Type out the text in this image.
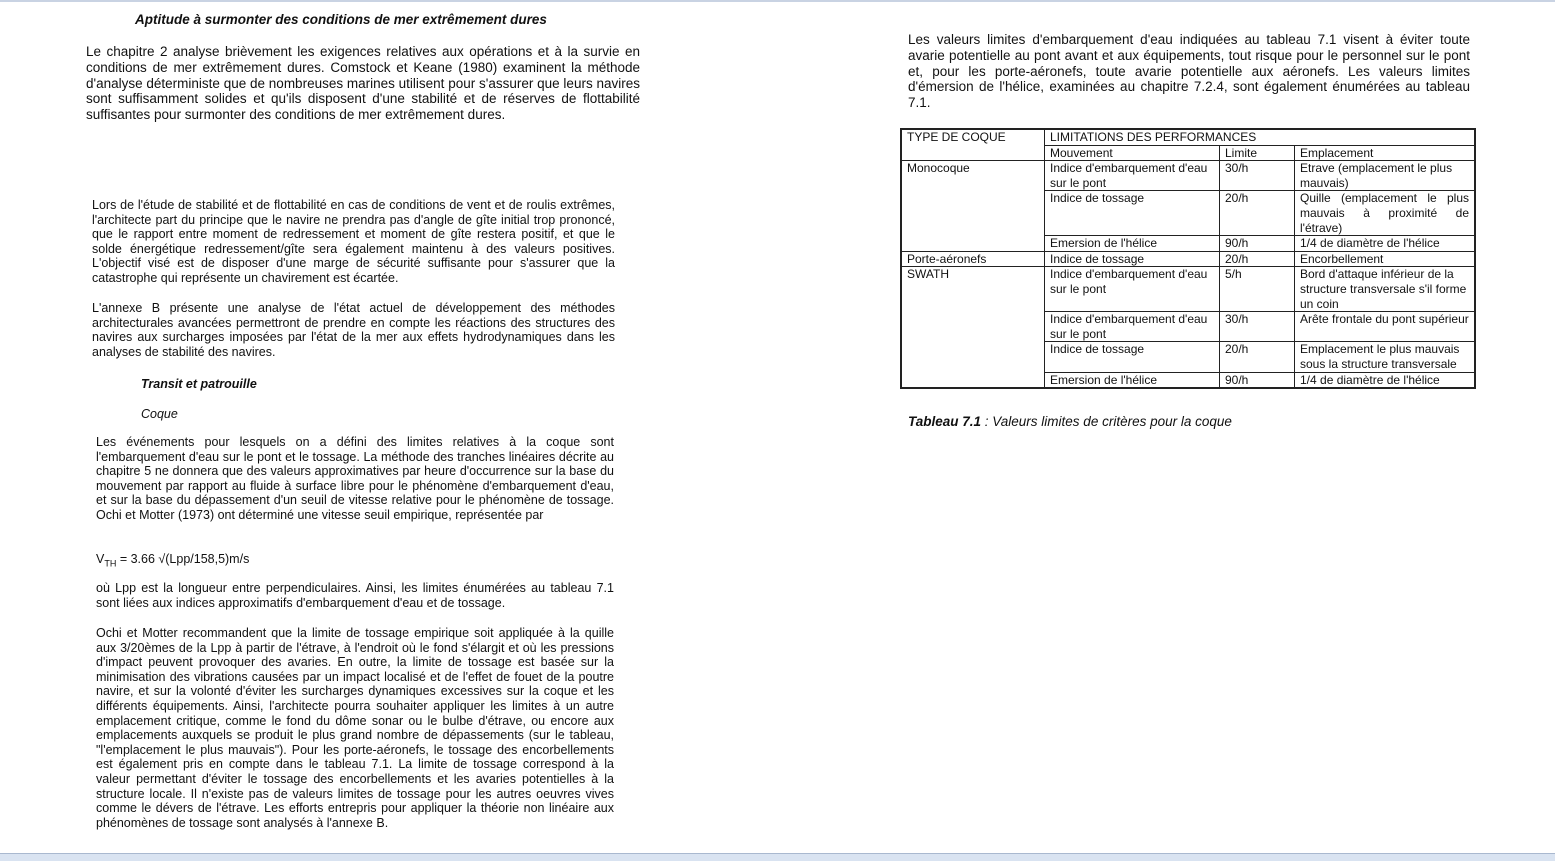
Aptitude à surmonter des conditions de mer extrêmement dures

Le chapitre 2 analyse brièvement les exigences relatives aux opérations et à la survie en conditions de mer extrêmement dures. Comstock et Keane (1980) examinent la méthode d'analyse déterministe que de nombreuses marines utilisent pour s'assurer que leurs navires sont suffisamment solides et qu'ils disposent d'une stabilité et de réserves de flottabilité suffisantes pour surmonter des conditions de mer extrêmement dures.

Lors de l'étude de stabilité et de flottabilité en cas de conditions de vent et de roulis extrêmes, l'architecte part du principe que le navire ne prendra pas d'angle de gîte initial trop prononcé, que le rapport entre moment de redressement et moment de gîte restera positif, et que le solde énergétique redressement/gîte sera également maintenu à des valeurs positives. L'objectif visé est de disposer d'une marge de sécurité suffisante pour s'assurer que la catastrophe qui représente un chavirement est écartée.

L'annexe B présente une analyse de l'état actuel de développement des méthodes architecturales avancées permettront de prendre en compte les réactions des structures des navires aux surcharges imposées par l'état de la mer aux effets hydrodynamiques dans les analyses de stabilité des navires.

Transit et patrouille
Coque

Les événements pour lesquels on a défini des limites relatives à la coque sont l'embarquement d'eau sur le pont et le tossage. La méthode des tranches linéaires décrite au chapitre 5 ne donnera que des valeurs approximatives par heure d'occurrence sur la base du mouvement par rapport au fluide à surface libre pour le phénomène d'embarquement d'eau, et sur la base du dépassement d'un seuil de vitesse relative pour le phénomène de tossage. Ochi et Motter (1973) ont déterminé une vitesse seuil empirique, représentée par

$V_{TH} = 3.66$ √(Lpp/158,5)m/s

où Lpp est la longueur entre perpendiculaires. Ainsi, les limites énumérées au tableau 7.1 sont liées aux indices approximatifs d'embarquement d'eau et de tossage.

Ochi et Motter recommandent que la limite de tossage empirique soit appliquée à la quille aux 3/20èmes de la Lpp à partir de l'étrave, à l'endroit où le fond s'élargit et où les pressions d'impact peuvent provoquer des avaries. En outre, la limite de tossage est basée sur la minimisation des vibrations causées par un impact localisé et de l'effet de fouet de la poutre navire, et sur la volonté d'éviter les surcharges dynamiques excessives sur la coque et les différents équipements. Ainsi, l'architecte pourra souhaiter appliquer les limites à un autre emplacement critique, comme le fond du dôme sonar ou le bulbe d'étrave, ou encore aux emplacements auxquels se produit le plus grand nombre de dépassements (sur le tableau, "l'emplacement le plus mauvais"). Pour les porte-aéronefs, le tossage des encorbellements est également pris en compte dans le tableau 7.1. La limite de tossage correspond à la valeur permettant d'éviter le tossage des encorbellements et les avaries potentielles à la structure locale. Il n'existe pas de valeurs limites de tossage pour les autres oeuvres vives comme le dévers de l'étrave. Les efforts entrepris pour appliquer la théorie non linéaire aux phénomènes de tossage sont analysés à l'annexe B.

Les valeurs limites d'embarquement d'eau indiquées au tableau 7.1 visent à éviter toute avarie potentielle au pont avant et aux équipements, tout risque pour le personnel sur le pont et, pour les porte-aéronefs, toute avarie potentielle aux aéronefs. Les valeurs limites d'émersion de l'hélice, examinées au chapitre 7.2.4, sont également énumérées au tableau 7.1.

TYPE DE COQUE	LIMITATIONS DES PERFORMANCES		
	Mouvement	Limite	Emplacement
Monocoque	Indice d'embarquement d'eau sur le pont	30/h	Etrave (emplacement le plus mauvais)
	Indice de tossage	20/h	Quille (emplacement le plus mauvais à proximité de l'étrave)
	Emersion de l'hélice	90/h	1/4 de diamètre de l'hélice
Porte-aéronefs	Indice de tossage	20/h	Encorbellement
SWATH	Indice d'embarquement d'eau sur le pont	5/h	Bord d'attaque inférieur de la structure transversale s'il forme un coin
	Indice d'embarquement d'eau sur le pont	30/h	Arête frontale du pont supérieur
	Indice de tossage	20/h	Emplacement le plus mauvais sous la structure transversale
	Emersion de l'hélice	90/h	1/4 de diamètre de l'hélice
Tableau 7.1 : Valeurs limites de critères pour la coque
